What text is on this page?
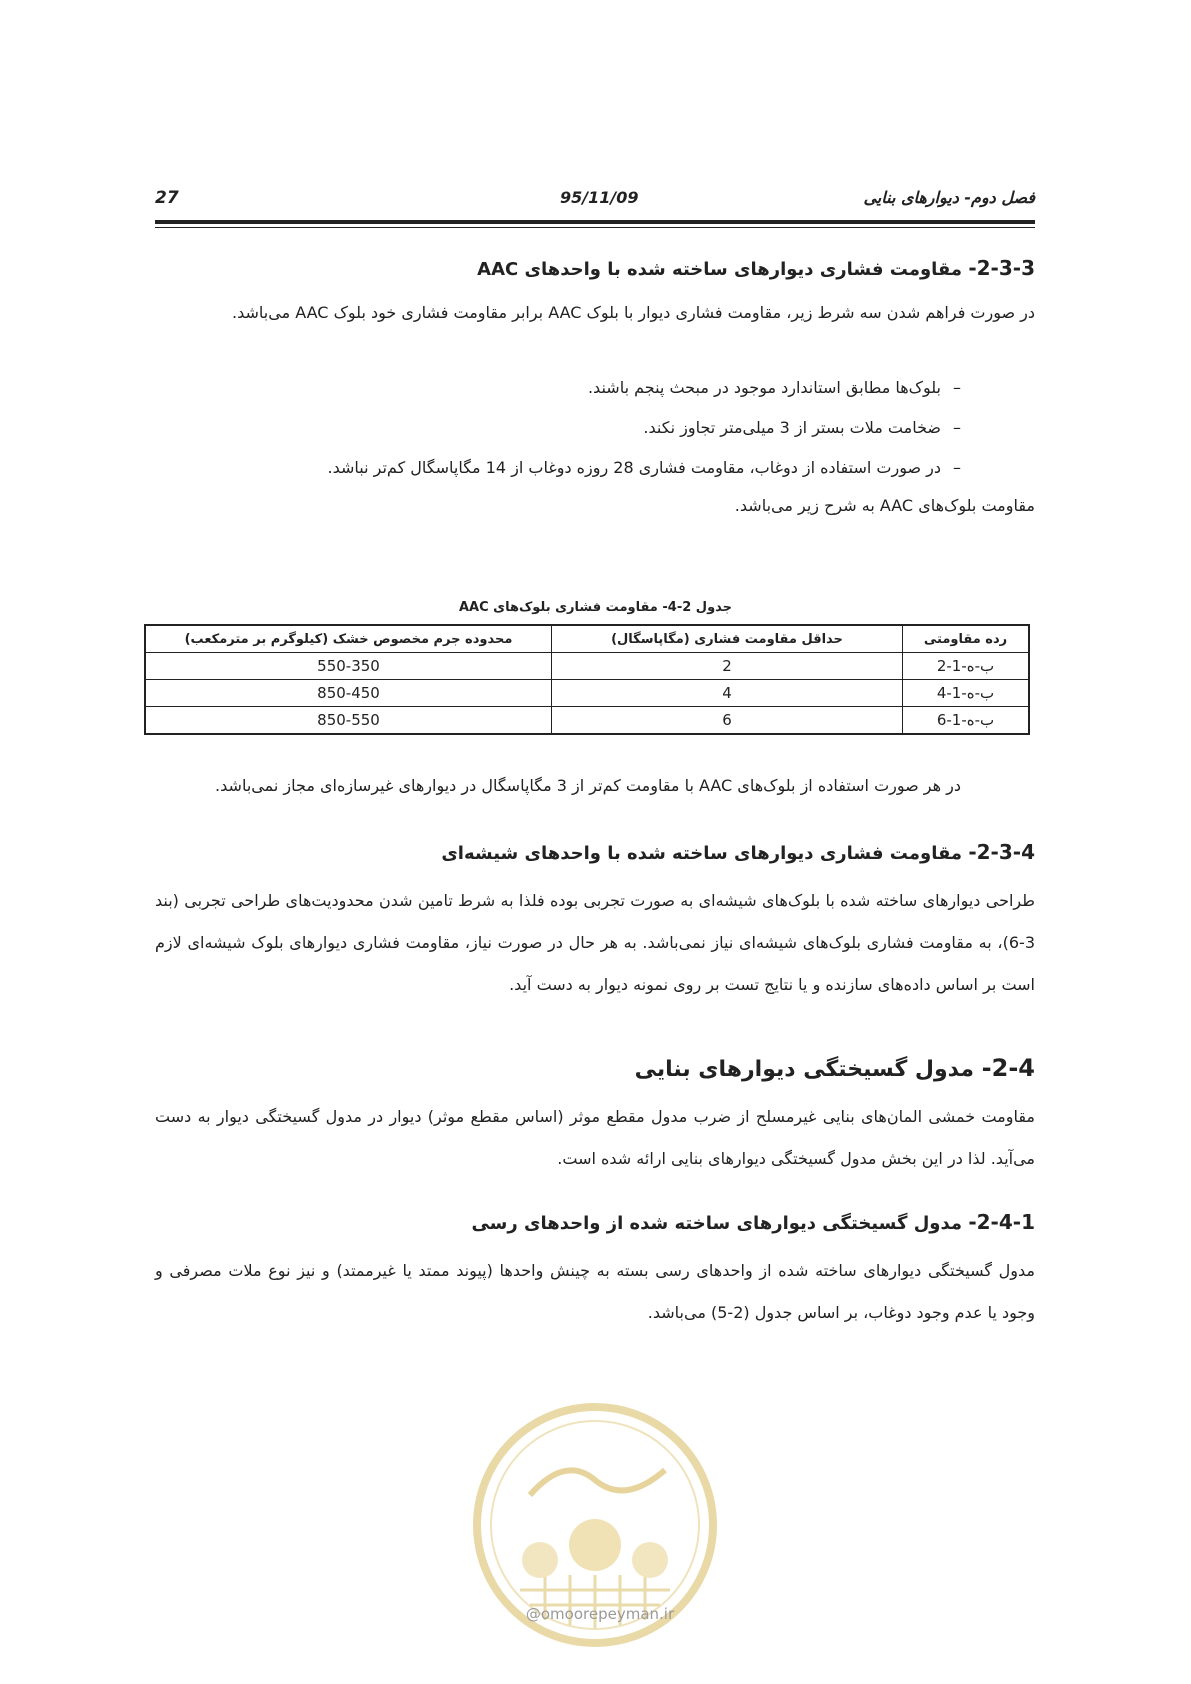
27	95/11/09	فصل دوم- دیوارهای بنایی
2-3-3- مقاومت فشاری دیوارهای ساخته شده با واحدهای AAC
در صورت فراهم شدن سه شرط زیر، مقاومت فشاری دیوار با بلوک AAC برابر مقاومت فشاری خود بلوک AAC می‌باشد.
–بلوک‌ها مطابق استاندارد موجود در مبحث پنجم باشند.
–ضخامت ملات بستر از 3 میلی‌متر تجاوز نکند.
–در صورت استفاده از دوغاب، مقاومت فشاری 28 روزه دوغاب از 14 مگاپاسگال کم‌تر نباشد.
مقاومت بلوک‌های AAC به شرح زیر می‌باشد.
جدول 2-4- مقاومت فشاری بلوک‌های AAC
رده مقاومتی	حداقل مقاومت فشاری (مگاپاسگال)	محدوده جرم مخصوص خشک (کیلوگرم بر مترمکعب)
ب-ه-1-2	2	550-350
ب-ه-1-4	4	850-450
ب-ه-1-6	6	850-550
در هر صورت استفاده از بلوک‌های AAC با مقاومت کم‌تر از 3 مگاپاسگال در دیوارهای غیرسازه‌ای مجاز نمی‌باشد.
2-3-4- مقاومت فشاری دیوارهای ساخته شده با واحدهای شیشه‌ای
طراحی دیوارهای ساخته شده با بلوک‌های شیشه‌ای به صورت تجربی بوده فلذا به شرط تامین شدن محدودیت‌های طراحی تجربی (بند 3-6)، به مقاومت فشاری بلوک‌های شیشه‌ای نیاز نمی‌باشد. به هر حال در صورت نیاز، مقاومت فشاری دیوارهای بلوک شیشه‌ای لازم است بر اساس داده‌های سازنده و یا نتایج تست بر روی نمونه دیوار به دست آید.
2-4- مدول گسیختگی دیوارهای بنایی
مقاومت خمشی المان‌های بنایی غیرمسلح از ضرب مدول مقطع موثر (اساس مقطع موثر) دیوار در مدول گسیختگی دیوار به دست می‌آید. لذا در این بخش مدول گسیختگی دیوارهای بنایی ارائه شده است.
2-4-1- مدول گسیختگی دیوارهای ساخته شده از واحدهای رسی
مدول گسیختگی دیوارهای ساخته شده از واحدهای رسی بسته به چینش واحدها (پیوند ممتد یا غیرممتد) و نیز نوع ملات مصرفی و وجود یا عدم وجود دوغاب، بر اساس جدول (2-5) می‌باشد.
@omoorepeyman.ir
